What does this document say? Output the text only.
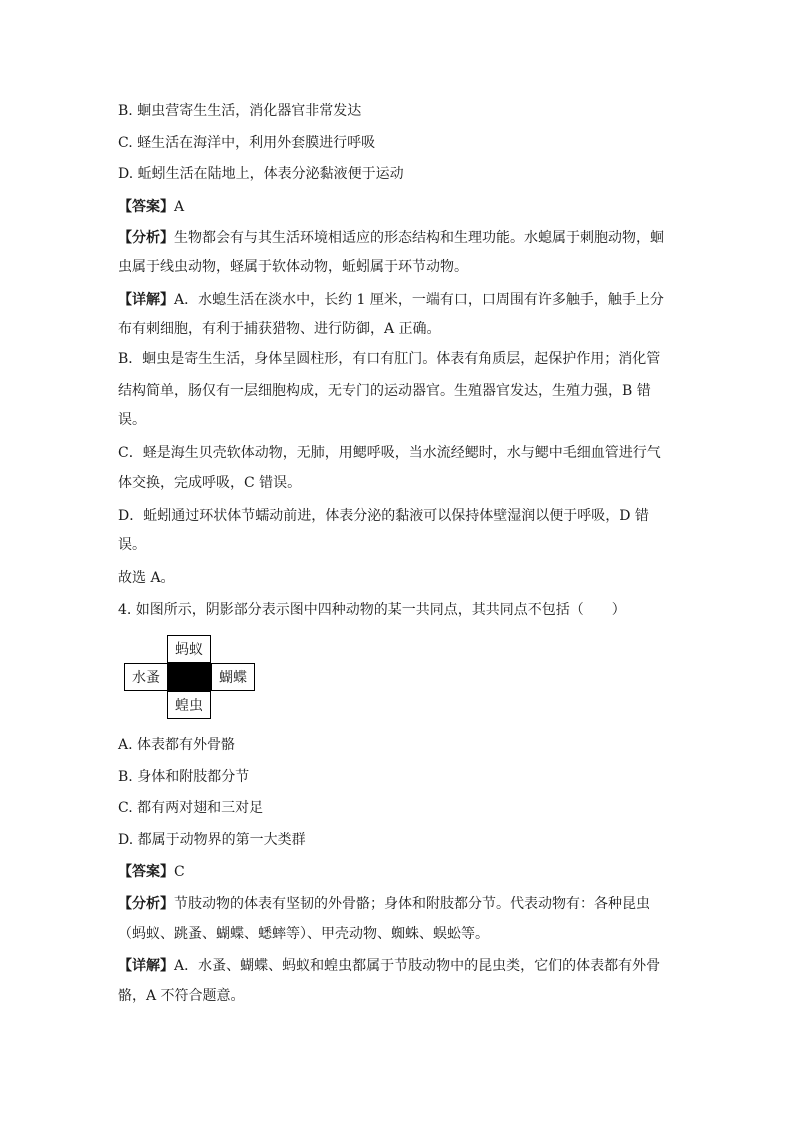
B. 蛔虫营寄生生活，消化器官非常发达
C. 蛏生活在海洋中，利用外套膜进行呼吸
D. 蚯蚓生活在陆地上，体表分泌黏液便于运动
【答案】A
【分析】生物都会有与其生活环境相适应的形态结构和生理功能。水螅属于刺胞动物，蛔
虫属于线虫动物，蛏属于软体动物，蚯蚓属于环节动物。
【详解】A．水螅生活在淡水中，长约 1 厘米，一端有口，口周围有许多触手，触手上分
布有刺细胞，有利于捕获猎物、进行防御，A 正确。
B．蛔虫是寄生生活，身体呈圆柱形，有口有肛门。体表有角质层，起保护作用；消化管
结构简单，肠仅有一层细胞构成，无专门的运动器官。生殖器官发达，生殖力强，B 错
误。
C．蛏是海生贝壳软体动物，无肺，用鳃呼吸，当水流经鳃时，水与鳃中毛细血管进行气
体交换，完成呼吸，C 错误。
D．蚯蚓通过环状体节蠕动前进，体表分泌的黏液可以保持体壁湿润以便于呼吸，D 错
误。
故选 A。
4. 如图所示，阴影部分表示图中四种动物的某一共同点，其共同点不包括（　　）
A. 体表都有外骨骼
B. 身体和附肢都分节
C. 都有两对翅和三对足
D. 都属于动物界的第一大类群
【答案】C
【分析】节肢动物的体表有坚韧的外骨骼；身体和附肢都分节。代表动物有：各种昆虫
（蚂蚁、跳蚤、蝴蝶、蟋蟀等）、甲壳动物、蜘蛛、蜈蚣等。
【详解】A．水蚤、蝴蝶、蚂蚁和蝗虫都属于节肢动物中的昆虫类，它们的体表都有外骨
骼，A 不符合题意。
蚂蚁
水蚤	蝴蝶
蝗虫
